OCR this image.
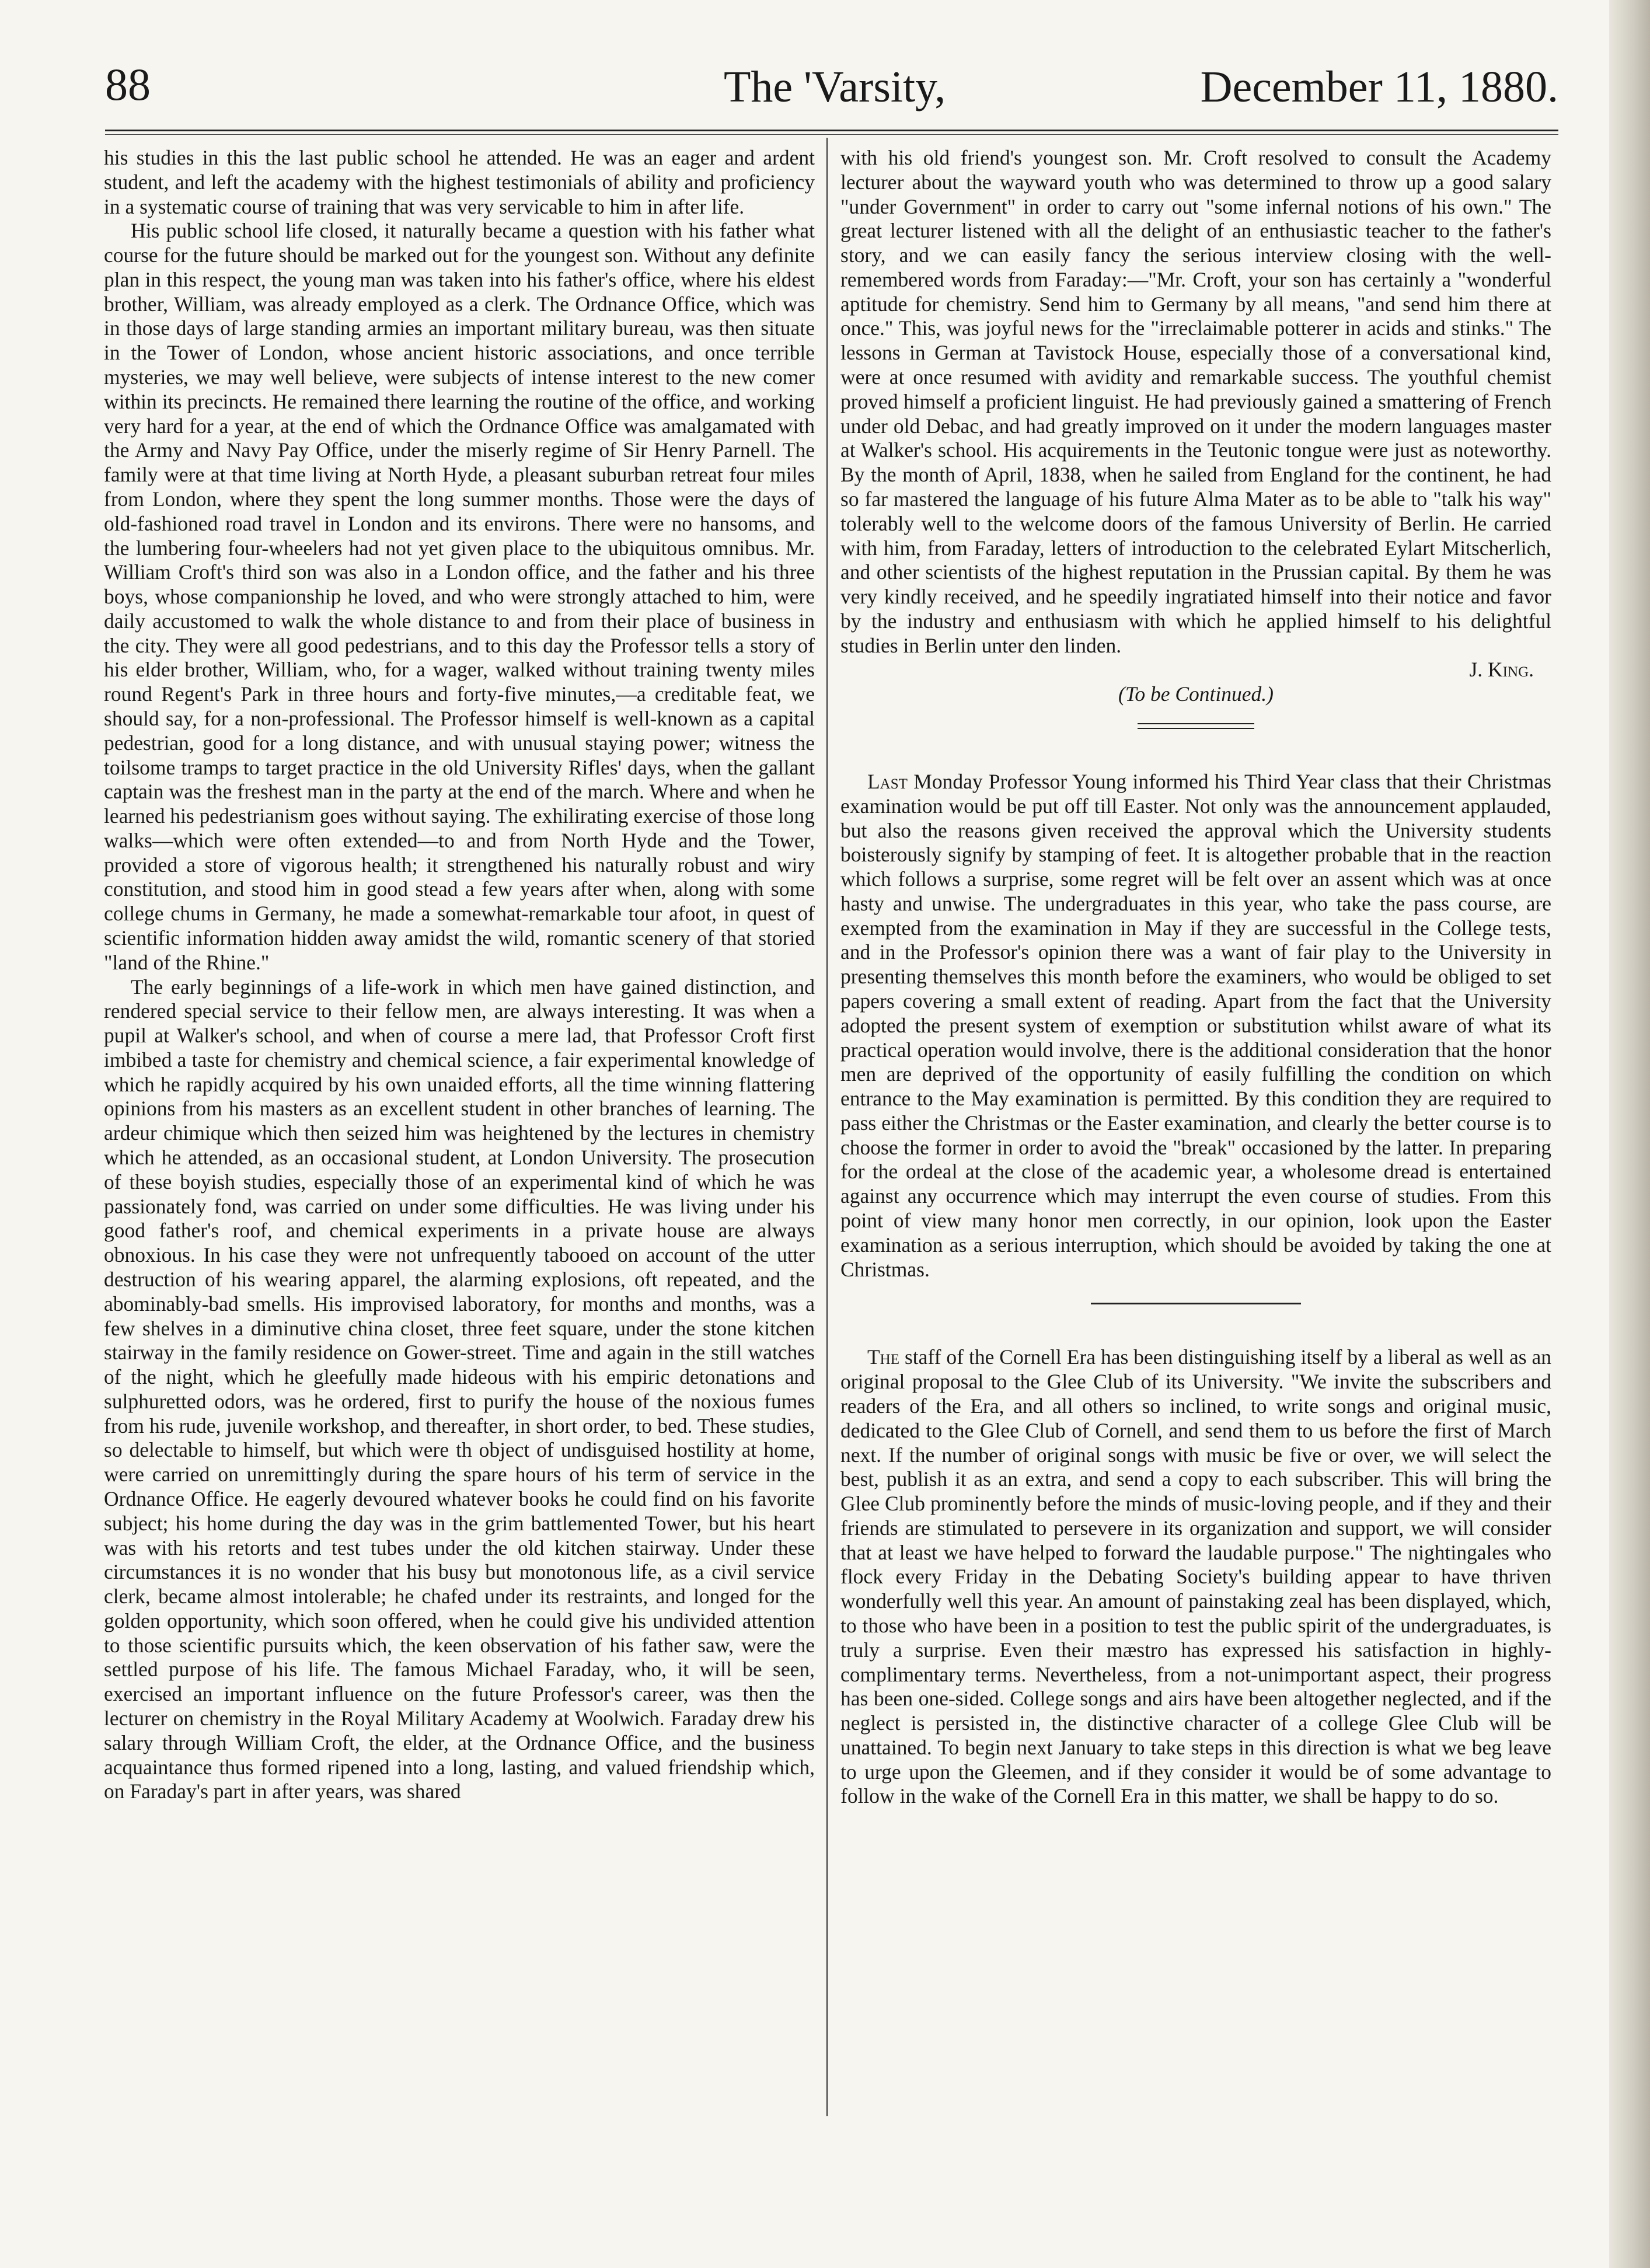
88	The 'Varsity,	December 11, 1880.

his studies in this the last public school he attended. He was an eager and ardent student, and left the academy with the highest testimonials of ability and proficiency in a systematic course of training that was very servicable to him in after life.

His public school life closed, it naturally became a question with his father what course for the future should be marked out for the youngest son. Without any definite plan in this respect, the young man was taken into his father's office, where his eldest brother, William, was already employed as a clerk. The Ordnance Office, which was in those days of large standing armies an important military bureau, was then situate in the Tower of London, whose ancient historic associations, and once terrible mysteries, we may well believe, were subjects of intense interest to the new comer within its precincts. He remained there learning the routine of the office, and working very hard for a year, at the end of which the Ordnance Office was amalgamated with the Army and Navy Pay Office, under the miserly regime of Sir Henry Parnell. The family were at that time living at North Hyde, a pleasant suburban retreat four miles from London, where they spent the long summer months. Those were the days of old-fashioned road travel in London and its environs. There were no hansoms, and the lumbering four-wheelers had not yet given place to the ubiquitous omnibus. Mr. William Croft's third son was also in a London office, and the father and his three boys, whose companionship he loved, and who were strongly attached to him, were daily accustomed to walk the whole distance to and from their place of business in the city. They were all good pedestrians, and to this day the Professor tells a story of his elder brother, William, who, for a wager, walked without training twenty miles round Regent's Park in three hours and forty-five minutes,—a creditable feat, we should say, for a non-professional. The Professor himself is well-known as a capital pedestrian, good for a long distance, and with unusual staying power; witness the toilsome tramps to target practice in the old University Rifles' days, when the gallant captain was the freshest man in the party at the end of the march. Where and when he learned his pedestrianism goes without saying. The exhilirating exercise of those long walks—which were often extended—to and from North Hyde and the Tower, provided a store of vigorous health; it strengthened his naturally robust and wiry constitution, and stood him in good stead a few years after when, along with some college chums in Germany, he made a somewhat-remarkable tour afoot, in quest of scientific information hidden away amidst the wild, romantic scenery of that storied "land of the Rhine."

The early beginnings of a life-work in which men have gained distinction, and rendered special service to their fellow men, are always interesting. It was when a pupil at Walker's school, and when of course a mere lad, that Professor Croft first imbibed a taste for chemistry and chemical science, a fair experimental knowledge of which he rapidly acquired by his own unaided efforts, all the time winning flattering opinions from his masters as an excellent student in other branches of learning. The ardeur chimique which then seized him was heightened by the lectures in chemistry which he attended, as an occasional student, at London University. The prosecution of these boyish studies, especially those of an experimental kind of which he was passionately fond, was carried on under some difficulties. He was living under his good father's roof, and chemical experiments in a private house are always obnoxious. In his case they were not unfrequently tabooed on account of the utter destruction of his wearing apparel, the alarming explosions, oft repeated, and the abominably-bad smells. His improvised laboratory, for months and months, was a few shelves in a diminutive china closet, three feet square, under the stone kitchen stairway in the family residence on Gower-street. Time and again in the still watches of the night, which he gleefully made hideous with his empiric detonations and sulphuretted odors, was he ordered, first to purify the house of the noxious fumes from his rude, juvenile workshop, and thereafter, in short order, to bed. These studies, so delectable to himself, but which were th object of undisguised hostility at home, were carried on unremittingly during the spare hours of his term of service in the Ordnance Office. He eagerly devoured whatever books he could find on his favorite subject; his home during the day was in the grim battlemented Tower, but his heart was with his retorts and test tubes under the old kitchen stairway. Under these circumstances it is no wonder that his busy but monotonous life, as a civil service clerk, became almost intolerable; he chafed under its restraints, and longed for the golden opportunity, which soon offered, when he could give his undivided attention to those scientific pursuits which, the keen observation of his father saw, were the settled purpose of his life. The famous Michael Faraday, who, it will be seen, exercised an important influence on the future Professor's career, was then the lecturer on chemistry in the Royal Military Academy at Woolwich. Faraday drew his salary through William Croft, the elder, at the Ordnance Office, and the business acquaintance thus formed ripened into a long, lasting, and valued friendship which, on Faraday's part in after years, was shared

with his old friend's youngest son. Mr. Croft resolved to consult the Academy lecturer about the wayward youth who was determined to throw up a good salary "under Government" in order to carry out "some infernal notions of his own." The great lecturer listened with all the delight of an enthusiastic teacher to the father's story, and we can easily fancy the serious interview closing with the well-remembered words from Faraday:—"Mr. Croft, your son has certainly a "wonderful aptitude for chemistry. Send him to Germany by all means, "and send him there at once." This, was joyful news for the "irreclaimable potterer in acids and stinks." The lessons in German at Tavistock House, especially those of a conversational kind, were at once resumed with avidity and remarkable success. The youthful chemist proved himself a proficient linguist. He had previously gained a smattering of French under old Debac, and had greatly improved on it under the modern languages master at Walker's school. His acquirements in the Teutonic tongue were just as noteworthy. By the month of April, 1838, when he sailed from England for the continent, he had so far mastered the language of his future Alma Mater as to be able to "talk his way" tolerably well to the welcome doors of the famous University of Berlin. He carried with him, from Faraday, letters of introduction to the celebrated Eylart Mitscherlich, and other scientists of the highest reputation in the Prussian capital. By them he was very kindly received, and he speedily ingratiated himself into their notice and favor by the industry and enthusiasm with which he applied himself to his delightful studies in Berlin unter den linden.

J. King.

(To be Continued.)

Last Monday Professor Young informed his Third Year class that their Christmas examination would be put off till Easter. Not only was the announcement applauded, but also the reasons given received the approval which the University students boisterously signify by stamping of feet. It is altogether probable that in the reaction which follows a surprise, some regret will be felt over an assent which was at once hasty and unwise. The undergraduates in this year, who take the pass course, are exempted from the examination in May if they are successful in the College tests, and in the Professor's opinion there was a want of fair play to the University in presenting themselves this month before the examiners, who would be obliged to set papers covering a small extent of reading. Apart from the fact that the University adopted the present system of exemption or substitution whilst aware of what its practical operation would involve, there is the additional consideration that the honor men are deprived of the opportunity of easily fulfilling the condition on which entrance to the May examination is permitted. By this condition they are required to pass either the Christmas or the Easter examination, and clearly the better course is to choose the former in order to avoid the "break" occasioned by the latter. In preparing for the ordeal at the close of the academic year, a wholesome dread is entertained against any occurrence which may interrupt the even course of studies. From this point of view many honor men correctly, in our opinion, look upon the Easter examination as a serious interruption, which should be avoided by taking the one at Christmas.

The staff of the Cornell Era has been distinguishing itself by a liberal as well as an original proposal to the Glee Club of its University. "We invite the subscribers and readers of the Era, and all others so inclined, to write songs and original music, dedicated to the Glee Club of Cornell, and send them to us before the first of March next. If the number of original songs with music be five or over, we will select the best, publish it as an extra, and send a copy to each subscriber. This will bring the Glee Club prominently before the minds of music-loving people, and if they and their friends are stimulated to persevere in its organization and support, we will consider that at least we have helped to forward the laudable purpose." The nightingales who flock every Friday in the Debating Society's building appear to have thriven wonderfully well this year. An amount of painstaking zeal has been displayed, which, to those who have been in a position to test the public spirit of the undergraduates, is truly a surprise. Even their mæstro has expressed his satisfaction in highly-complimentary terms. Nevertheless, from a not-unimportant aspect, their progress has been one-sided. College songs and airs have been altogether neglected, and if the neglect is persisted in, the distinctive character of a college Glee Club will be unattained. To begin next January to take steps in this direction is what we beg leave to urge upon the Gleemen, and if they consider it would be of some advantage to follow in the wake of the Cornell Era in this matter, we shall be happy to do so.
